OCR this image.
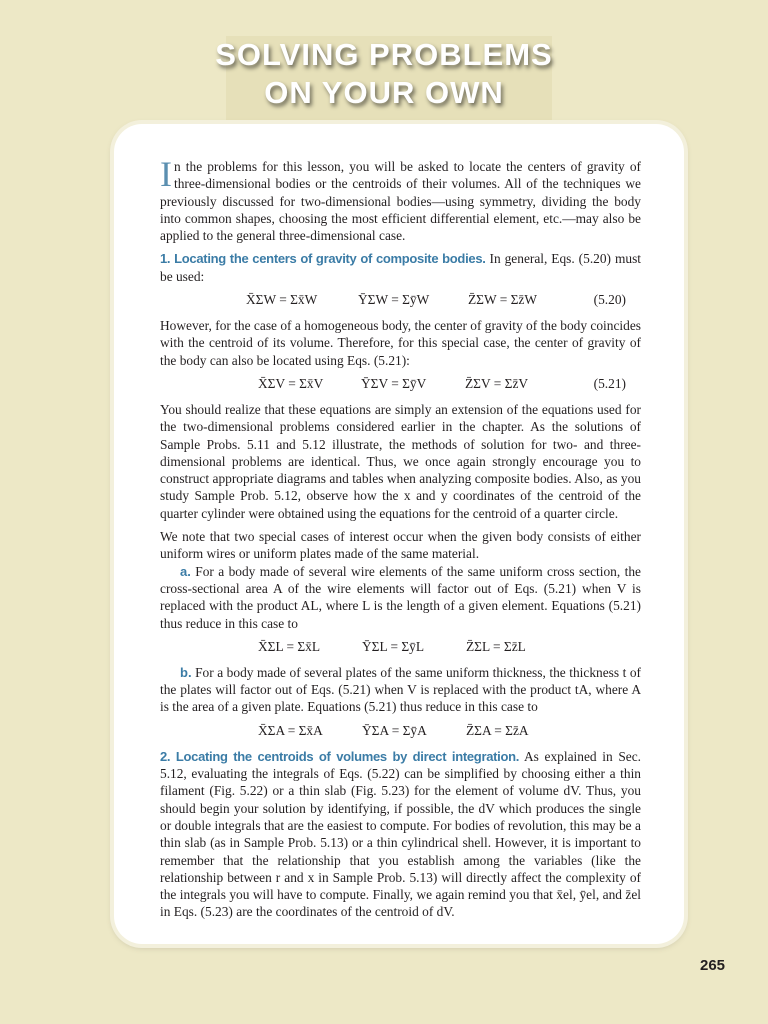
SOLVING PROBLEMS
ON YOUR OWN

In the problems for this lesson, you will be asked to locate the centers of gravity of three-dimensional bodies or the centroids of their volumes. All of the techniques we previously discussed for two-dimensional bodies—using symmetry, dividing the body into common shapes, choosing the most efficient differential element, etc.—may also be applied to the general three-dimensional case.

1. Locating the centers of gravity of composite bodies. In general, Eqs. (5.20) must be used:

X̄ΣW = Σx̄W	ȲΣW = ΣȳW	Z̄ΣW = Σz̄W	(5.20)

However, for the case of a homogeneous body, the center of gravity of the body coincides with the centroid of its volume. Therefore, for this special case, the center of gravity of the body can also be located using Eqs. (5.21):

X̄ΣV = Σx̄V	ȲΣV = ΣȳV	Z̄ΣV = Σz̄V	(5.21)

You should realize that these equations are simply an extension of the equations used for the two-dimensional problems considered earlier in the chapter. As the solutions of Sample Probs. 5.11 and 5.12 illustrate, the methods of solution for two- and three-dimensional problems are identical. Thus, we once again strongly encourage you to construct appropriate diagrams and tables when analyzing composite bodies. Also, as you study Sample Prob. 5.12, observe how the x and y coordinates of the centroid of the quarter cylinder were obtained using the equations for the centroid of a quarter circle.

We note that two special cases of interest occur when the given body consists of either uniform wires or uniform plates made of the same material.

a. For a body made of several wire elements of the same uniform cross section, the cross-sectional area A of the wire elements will factor out of Eqs. (5.21) when V is replaced with the product AL, where L is the length of a given element. Equations (5.21) thus reduce in this case to

X̄ΣL = Σx̄L	ȲΣL = ΣȳL	Z̄ΣL = Σz̄L

b. For a body made of several plates of the same uniform thickness, the thickness t of the plates will factor out of Eqs. (5.21) when V is replaced with the product tA, where A is the area of a given plate. Equations (5.21) thus reduce in this case to

X̄ΣA = Σx̄A	ȲΣA = ΣȳA	Z̄ΣA = Σz̄A

2. Locating the centroids of volumes by direct integration. As explained in Sec. 5.12, evaluating the integrals of Eqs. (5.22) can be simplified by choosing either a thin filament (Fig. 5.22) or a thin slab (Fig. 5.23) for the element of volume dV. Thus, you should begin your solution by identifying, if possible, the dV which produces the single or double integrals that are the easiest to compute. For bodies of revolution, this may be a thin slab (as in Sample Prob. 5.13) or a thin cylindrical shell. However, it is important to remember that the relationship that you establish among the variables (like the relationship between r and x in Sample Prob. 5.13) will directly affect the complexity of the integrals you will have to compute. Finally, we again remind you that x̄el, ȳel, and z̄el in Eqs. (5.23) are the coordinates of the centroid of dV.

265
